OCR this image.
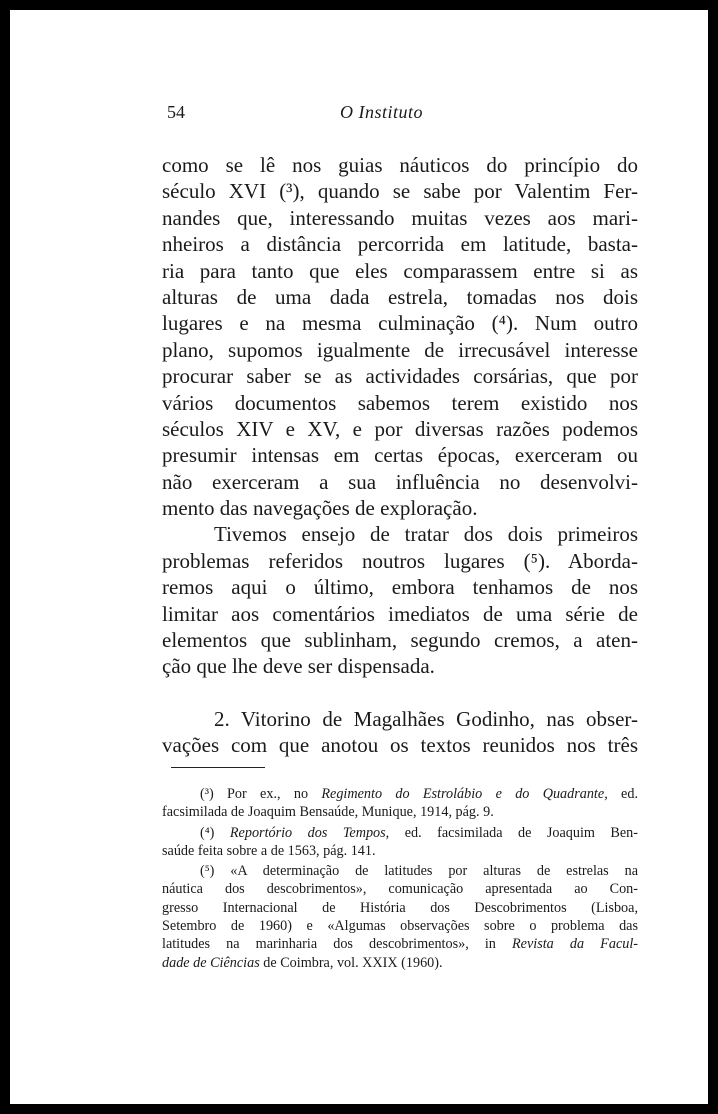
54	O Instituto
como se lê nos guias náuticos do princípio do
século XVI (³), quando se sabe por Valentim Fer-
nandes que, interessando muitas vezes aos mari-
nheiros a distância percorrida em latitude, basta-
ria para tanto que eles comparassem entre si as
alturas de uma dada estrela, tomadas nos dois
lugares e na mesma culminação (⁴). Num outro
plano, supomos igualmente de irrecusável interesse
procurar saber se as actividades corsárias, que por
vários documentos sabemos terem existido nos
séculos XIV e XV, e por diversas razões podemos
presumir intensas em certas épocas, exerceram ou
não exerceram a sua influência no desenvolvi-
mento das navegações de exploração.
Tivemos ensejo de tratar dos dois primeiros
problemas referidos noutros lugares (⁵). Aborda-
remos aqui o último, embora tenhamos de nos
limitar aos comentários imediatos de uma série de
elementos que sublinham, segundo cremos, a aten-
ção que lhe deve ser dispensada.
2. Vitorino de Magalhães Godinho, nas obser-
vações com que anotou os textos reunidos nos três
(³) Por ex., no Regimento do Estrolábio e do Quadrante, ed.
facsimilada de Joaquim Bensaúde, Munique, 1914, pág. 9.
(⁴) Reportório dos Tempos, ed. facsimilada de Joaquim Ben-
saúde feita sobre a de 1563, pág. 141.
(⁵) «A determinação de latitudes por alturas de estrelas na
náutica dos descobrimentos», comunicação apresentada ao Con-
gresso Internacional de História dos Descobrimentos (Lisboa,
Setembro de 1960) e «Algumas observações sobre o problema das
latitudes na marinharia dos descobrimentos», in Revista da Facul-
dade de Ciências de Coimbra, vol. XXIX (1960).
